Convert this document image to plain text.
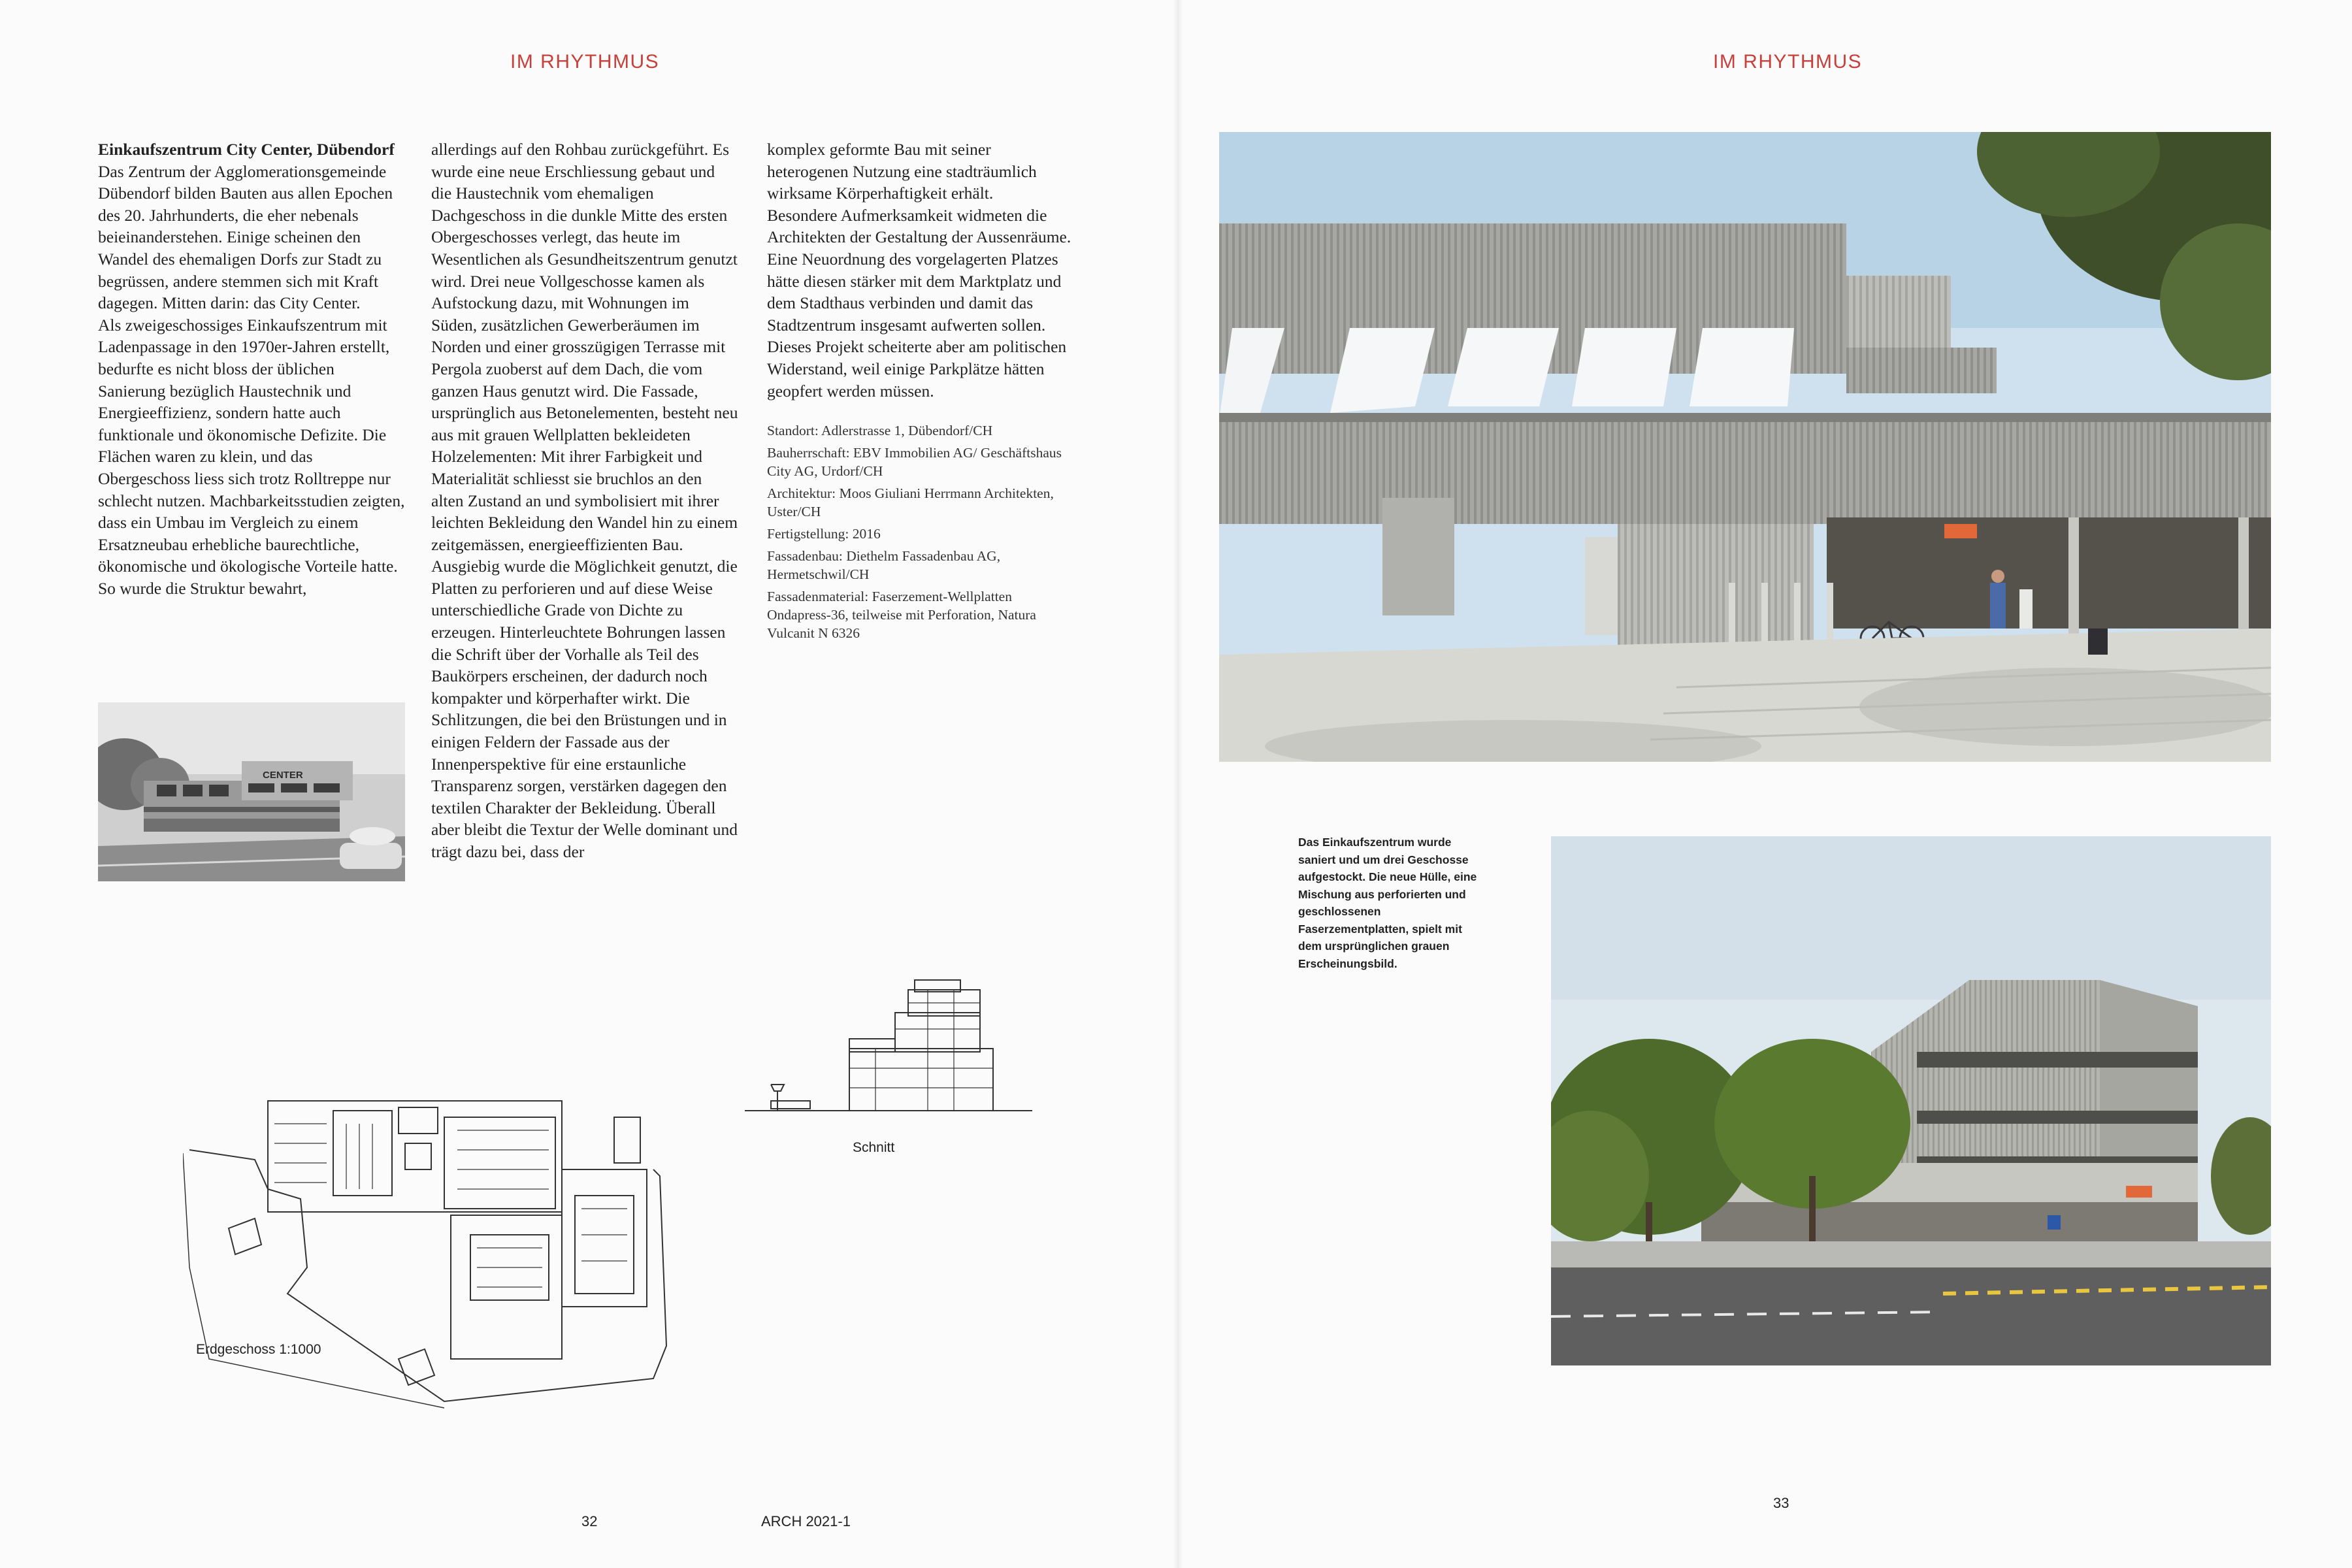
IM RHYTHMUS

Einkaufszentrum City Center, Dübendorf

Das Zentrum der Agglomerationsgemeinde Dübendorf bilden Bauten aus allen Epochen des 20. Jahrhunderts, die eher nebenals beieinanderstehen. Einige scheinen den Wandel des ehemaligen Dorfs zur Stadt zu begrüssen, andere stemmen sich mit Kraft dagegen. Mitten darin: das City Center.

Als zweigeschossiges Einkaufszentrum mit Ladenpassage in den 1970er-Jahren erstellt, bedurfte es nicht bloss der üblichen Sanierung bezüglich Haustechnik und Energieeffizienz, sondern hatte auch funktionale und ökonomische Defizite. Die Flächen waren zu klein, und das Obergeschoss liess sich trotz Rolltreppe nur schlecht nutzen. Machbarkeitsstudien zeigten, dass ein Umbau im Vergleich zu einem Ersatzneubau erhebliche baurechtliche, ökonomische und ökologische Vorteile hatte. So wurde die Struktur bewahrt,

CENTER

allerdings auf den Rohbau zurückgeführt. Es wurde eine neue Erschliessung gebaut und die Haustechnik vom ehemaligen Dachgeschoss in die dunkle Mitte des ersten Obergeschosses verlegt, das heute im Wesentlichen als Gesundheitszentrum genutzt wird. Drei neue Vollgeschosse kamen als Aufstockung dazu, mit Wohnungen im Süden, zusätzlichen Gewerberäumen im Norden und einer grosszügigen Terrasse mit Pergola zuoberst auf dem Dach, die vom ganzen Haus genutzt wird. Die Fassade, ursprünglich aus Betonelementen, besteht neu aus mit grauen Wellplatten bekleideten Holzelementen: Mit ihrer Farbigkeit und Materialität schliesst sie bruchlos an den alten Zustand an und symbolisiert mit ihrer leichten Bekleidung den Wandel hin zu einem zeitgemässen, energieeffizienten Bau. Ausgiebig wurde die Möglichkeit genutzt, die Platten zu perforieren und auf diese Weise unterschiedliche Grade von Dichte zu erzeugen. Hinterleuchtete Bohrungen lassen die Schrift über der Vorhalle als Teil des Baukörpers erscheinen, der dadurch noch kompakter und körperhafter wirkt. Die Schlitzungen, die bei den Brüstungen und in einigen Feldern der Fassade aus der Innenperspektive für eine erstaunliche Transparenz sorgen, verstärken dagegen den textilen Charakter der Bekleidung. Überall aber bleibt die Textur der Welle dominant und trägt dazu bei, dass der

komplex geformte Bau mit seiner heterogenen Nutzung eine stadträumlich wirksame Körperhaftigkeit erhält.

Besondere Aufmerksamkeit widmeten die Architekten der Gestaltung der Aussenräume. Eine Neuordnung des vorgelagerten Platzes hätte diesen stärker mit dem Marktplatz und dem Stadthaus verbinden und damit das Stadtzentrum insgesamt aufwerten sollen. Dieses Projekt scheiterte aber am politischen Widerstand, weil einige Parkplätze hätten geopfert werden müssen.

Standort: Adlerstrasse 1, Dübendorf/CH

Bauherrschaft: EBV Immobilien AG/ Geschäftshaus City AG, Urdorf/CH

Architektur: Moos Giuliani Herrmann Architekten, Uster/CH

Fertigstellung: 2016

Fassadenbau: Diethelm Fassadenbau AG, Hermetschwil/CH

Fassadenmaterial: Faserzement-Wellplatten Ondapress-36, teilweise mit Perforation, Natura Vulcanit N 6326

Erdgeschoss 1:1000
Schnitt
32	ARCH 2021-1
IM RHYTHMUS
Das Einkaufszentrum wurde saniert und um drei Geschosse aufgestockt. Die neue Hülle, eine Mischung aus perforierten und geschlossenen Faserzementplatten, spielt mit dem ursprünglichen grauen Erscheinungsbild.
33
